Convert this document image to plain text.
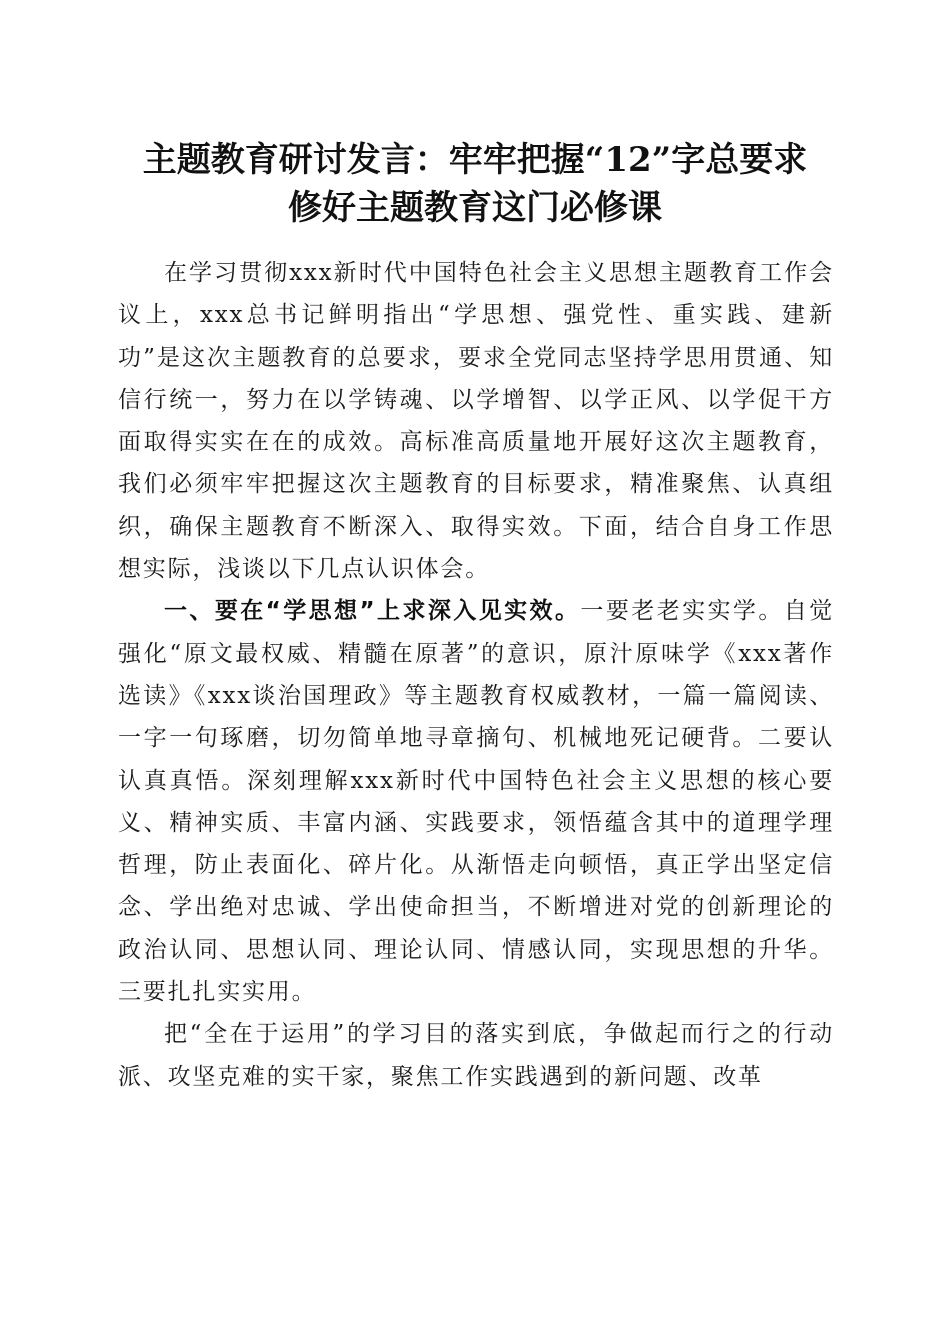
主题教育研讨发言：牢牢把握“12”字总要求
修好主题教育这门必修课

在学习贯彻xxx新时代中国特色社会主义思想主题教育工作会议上，xxx总书记鲜明指出“学思想、强党性、重实践、建新功”是这次主题教育的总要求，要求全党同志坚持学思用贯通、知信行统一，努力在以学铸魂、以学增智、以学正风、以学促干方面取得实实在在的成效。高标准高质量地开展好这次主题教育，我们必须牢牢把握这次主题教育的目标要求，精准聚焦、认真组织，确保主题教育不断深入、取得实效。下面，结合自身工作思想实际，浅谈以下几点认识体会。

一、要在“学思想”上求深入见实效。一要老老实实学。自觉强化“原文最权威、精髓在原著”的意识，原汁原味学《xxx著作选读》《xxx谈治国理政》等主题教育权威教材，一篇一篇阅读、一字一句琢磨，切勿简单地寻章摘句、机械地死记硬背。二要认认真真悟。深刻理解xxx新时代中国特色社会主义思想的核心要义、精神实质、丰富内涵、实践要求，领悟蕴含其中的道理学理哲理，防止表面化、碎片化。从渐悟走向顿悟，真正学出坚定信念、学出绝对忠诚、学出使命担当，不断增进对党的创新理论的政治认同、思想认同、理论认同、情感认同，实现思想的升华。三要扎扎实实用。

把“全在于运用”的学习目的落实到底，争做起而行之的行动派、攻坚克难的实干家，聚焦工作实践遇到的新问题、改革
